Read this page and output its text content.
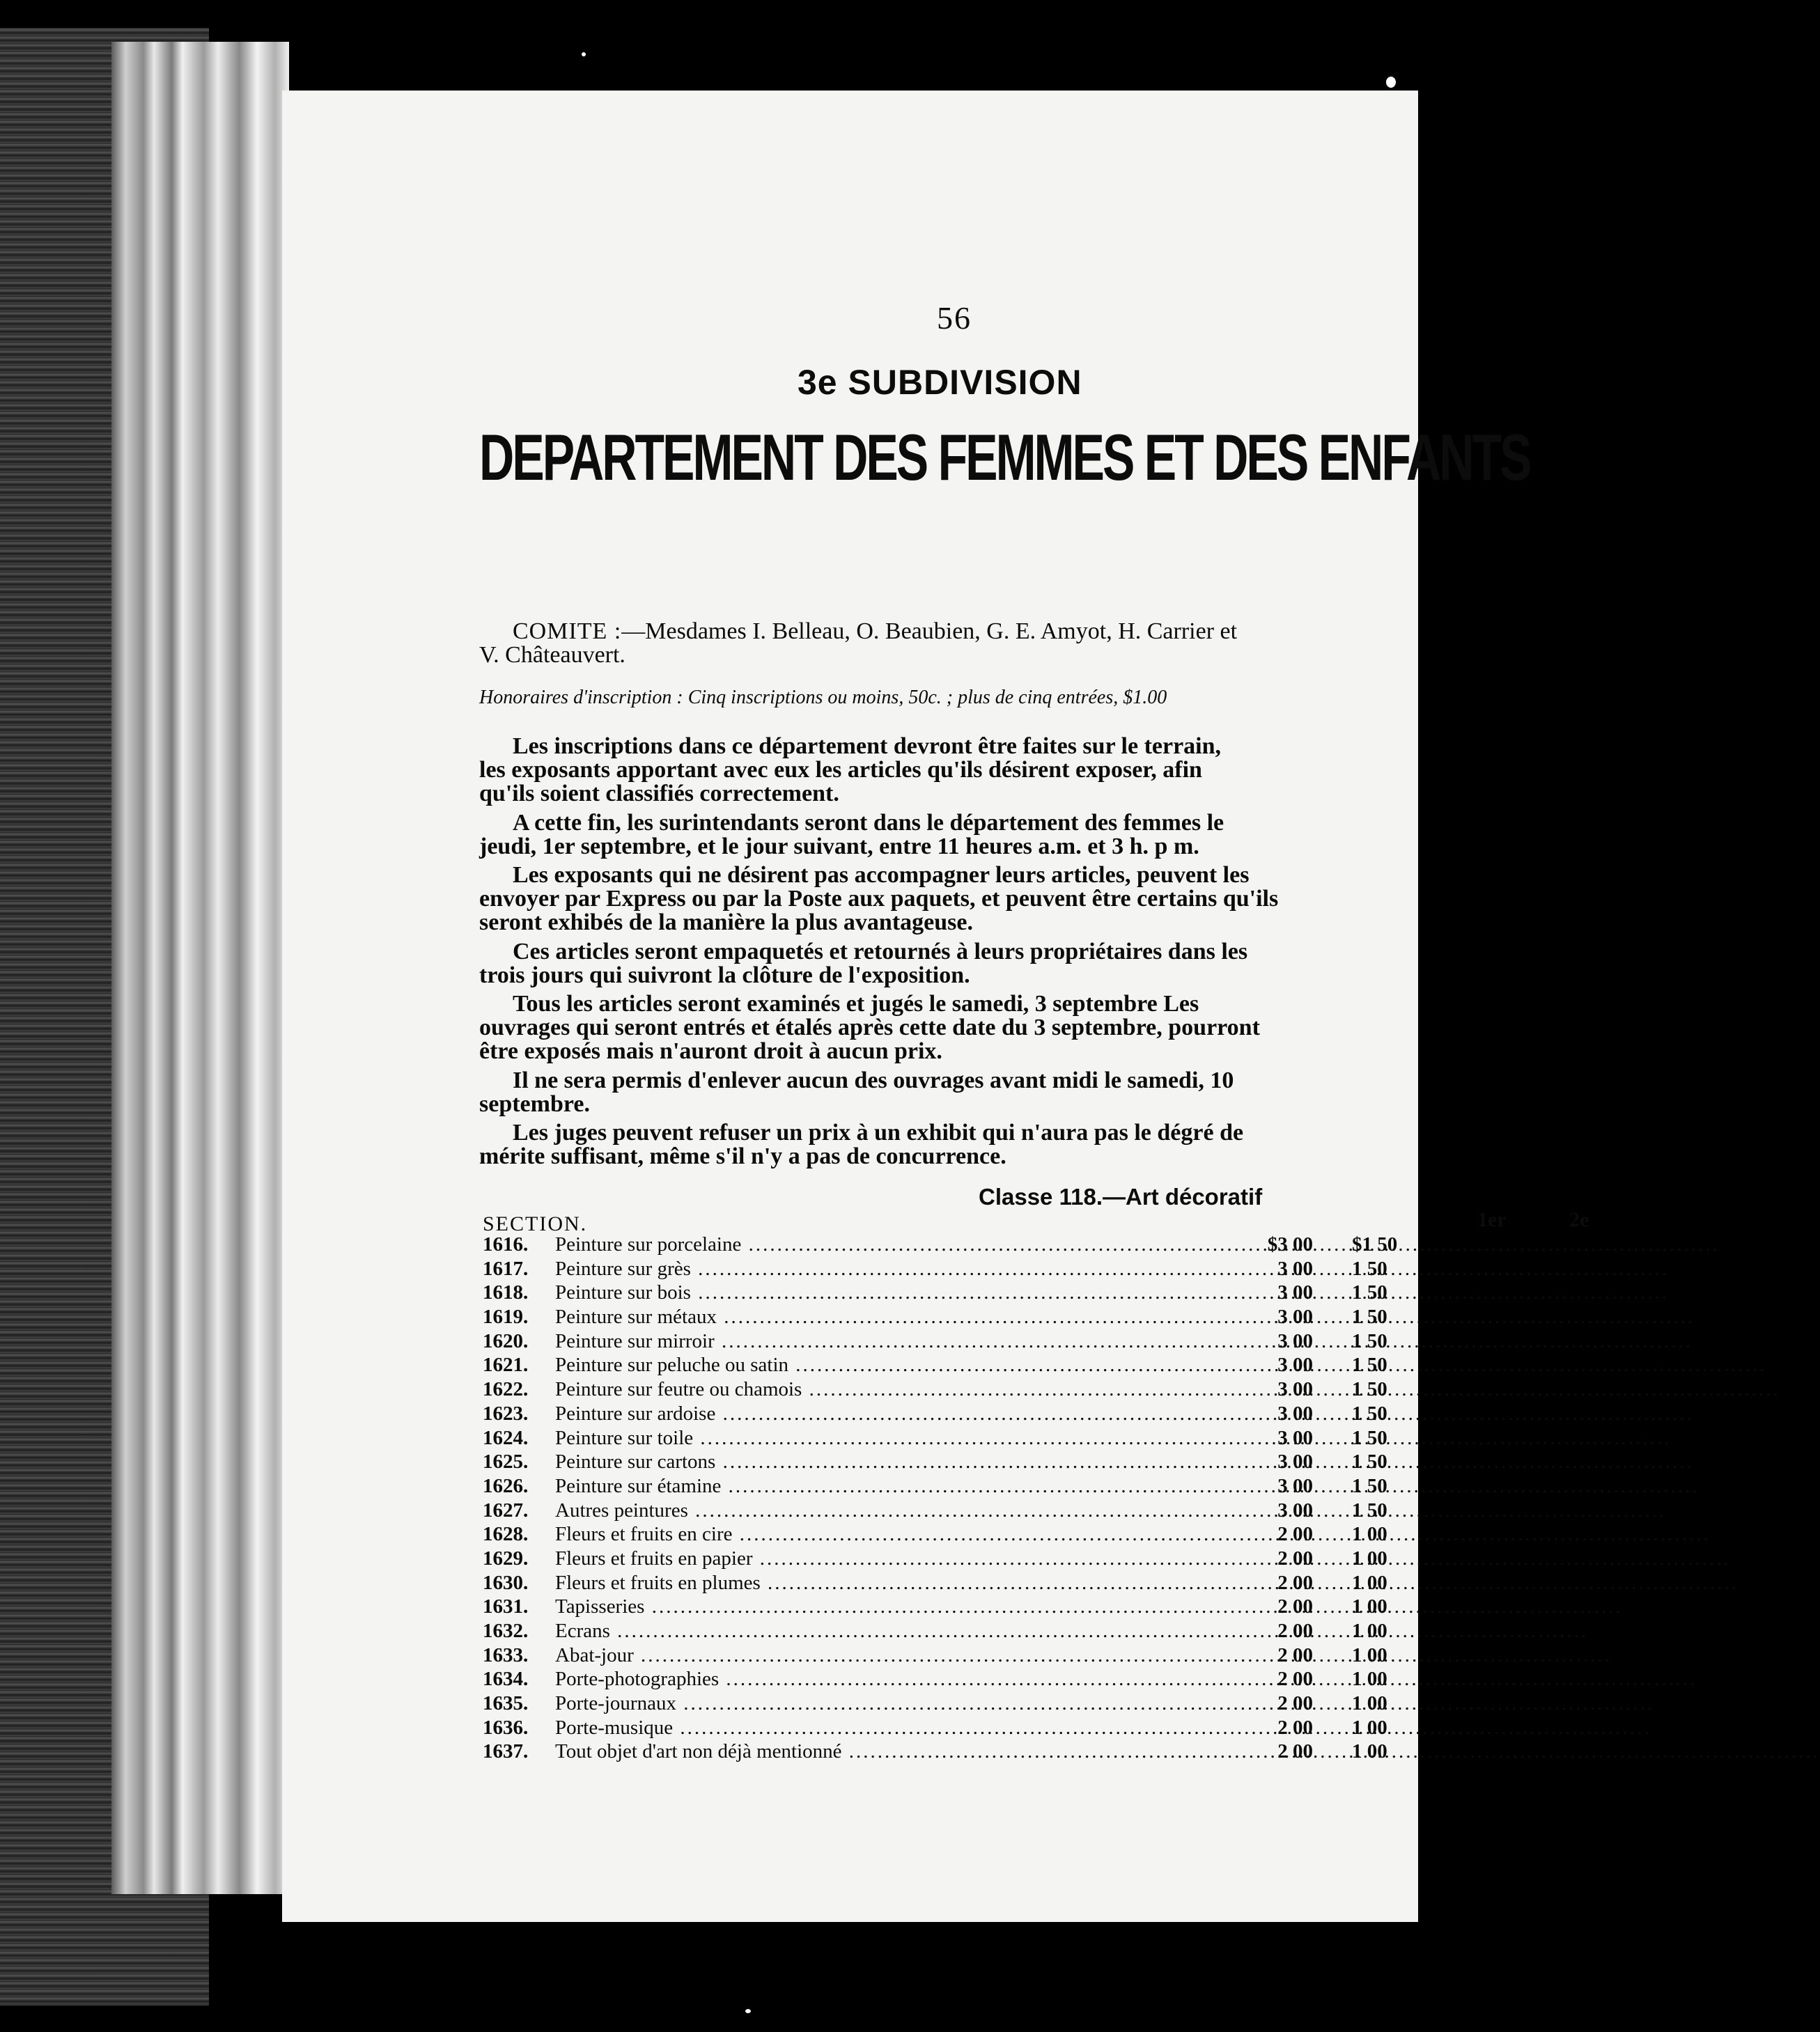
56
3e SUBDIVISION
DEPARTEMENT DES FEMMES ET DES ENFANTS
COMITE :—Mesdames I. Belleau, O. Beaubien, G. E. Amyot, H. Carrier et
V. Châteauvert.
Honoraires d'inscription : Cinq inscriptions ou moins, 50c. ; plus de cinq entrées, $1.00
Les inscriptions dans ce département devront être faites sur le terrain,
les exposants apportant avec eux les articles qu'ils désirent exposer, afin
qu'ils soient classifiés correctement.
A cette fin, les surintendants seront dans le département des femmes le
jeudi, 1er septembre, et le jour suivant, entre 11 heures a.m. et 3 h. p m.
Les exposants qui ne désirent pas accompagner leurs articles, peuvent les
envoyer par Express ou par la Poste aux paquets, et peuvent être certains qu'ils
seront exhibés de la manière la plus avantageuse.
Ces articles seront empaquetés et retournés à leurs propriétaires dans les
trois jours qui suivront la clôture de l'exposition.
Tous les articles seront examinés et jugés le samedi, 3 septembre Les
ouvrages qui seront entrés et étalés après cette date du 3 septembre, pourront
être exposés mais n'auront droit à aucun prix.
Il ne sera permis d'enlever aucun des ouvrages avant midi le samedi, 10
septembre.
Les juges peuvent refuser un prix à un exhibit qui n'aura pas le dégré de
mérite suffisant, même s'il n'y a pas de concurrence.
Classe 118.—Art décoratif
SECTION.	1er	2e
1616. Peinture sur porcelaine .....	$3 00 $1 50
1617. Peinture sur grès .....	3 00 1 50
1618. Peinture sur bois .....	3 00 1 50
1619. Peinture sur métaux .....	3 00 1 50
1620. Peinture sur mirroir .....	3 00 1 50
1621. Peinture sur peluche ou satin .....	3 00 1 50
1622. Peinture sur feutre ou chamois .....	3 00 1 50
1623. Peinture sur ardoise .....	3 00 1 50
1624. Peinture sur toile .....	3 00 1 50
1625. Peinture sur cartons .....	3 00 1 50
1626. Peinture sur étamine .....	3 00 1 50
1627. Autres peintures .....	3 00 1 50
1628. Fleurs et fruits en cire .....	2 00 1 00
1629. Fleurs et fruits en papier .....	2 00 1 00
1630. Fleurs et fruits en plumes .....	2 00 1 00
1631. Tapisseries .....	2 00 1 00
1632. Ecrans .....	2 00 1 00
1633. Abat-jour .....	2 00 1 00
1634. Porte-photographies .....	2 00 1 00
1635. Porte-journaux .....	2 00 1 00
1636. Porte-musique .....	2 00 1 00
1637. Tout objet d'art non déjà mentionné .....	2 00 1 00
